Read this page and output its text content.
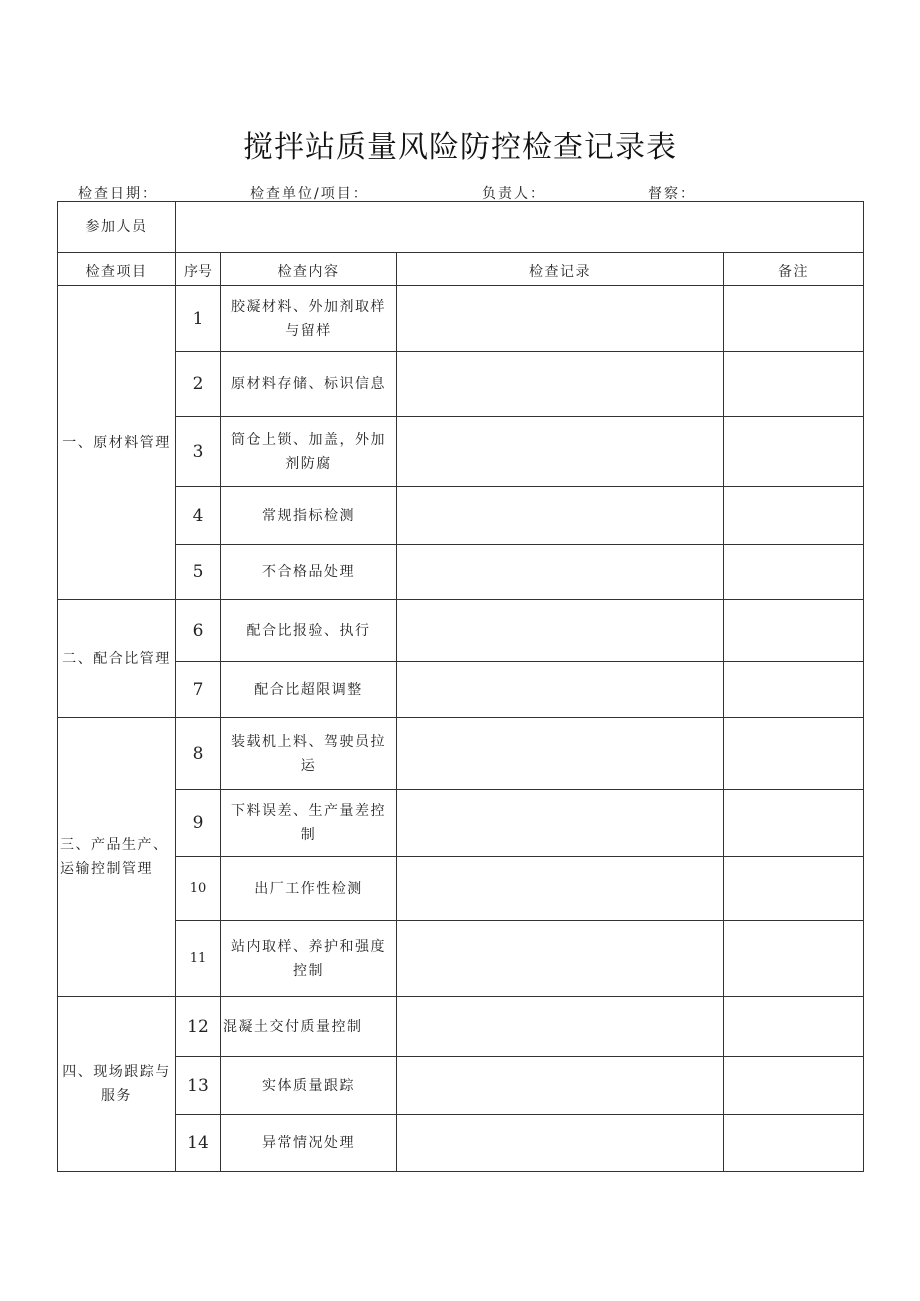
搅拌站质量风险防控检查记录表
检查日期：	检查单位/项目：	负责人：	督察：
参加人员				
检查项目	序号	检查内容	检查记录	备注
一、原材料管理	1	胶凝材料、外加剂取样与留样		
	2	原材料存储、标识信息		
	3	筒仓上锁、加盖，外加剂防腐		
	4	常规指标检测		
	5	不合格品处理		
二、配合比管理	6	配合比报验、执行		
	7	配合比超限调整		
三、产品生产、运输控制管理	8	装载机上料、驾驶员拉运		
	9	下料误差、生产量差控制		
	10	出厂工作性检测		
	11	站内取样、养护和强度控制		
四、现场跟踪与服务	12	混凝土交付质量控制		
	13	实体质量跟踪		
	14	异常情况处理		
